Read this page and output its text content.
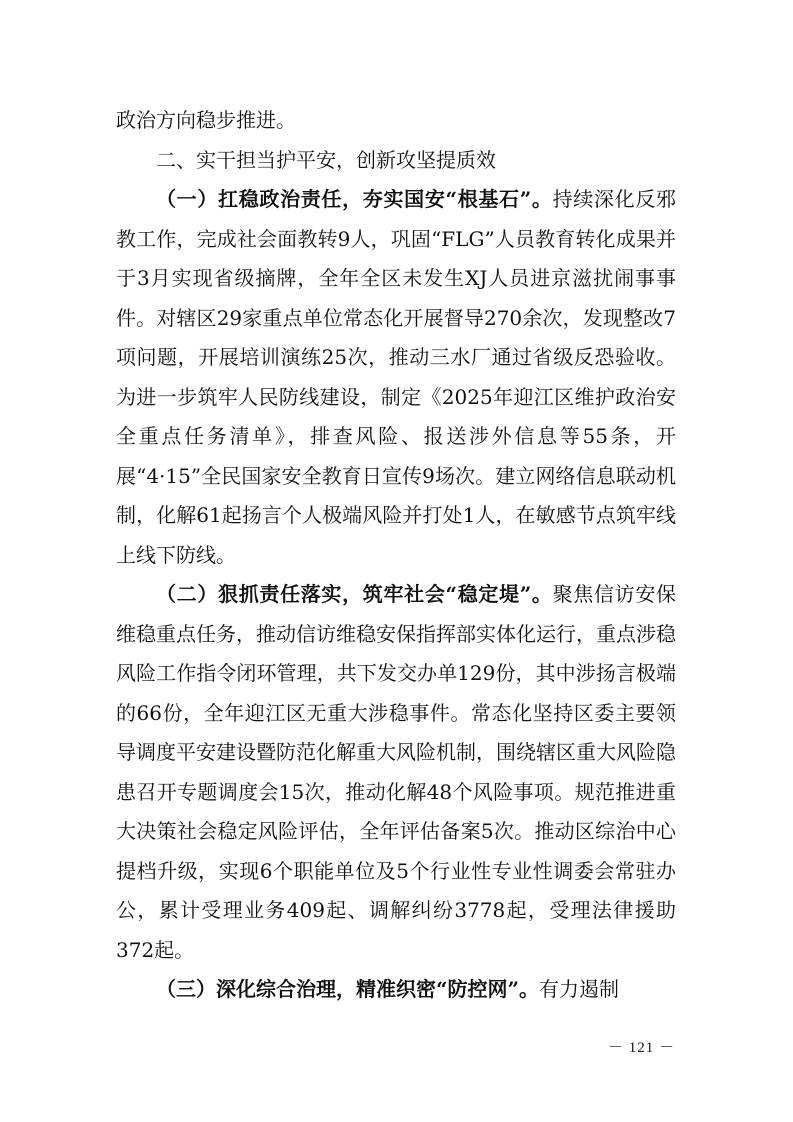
政治方向稳步推进。

二、实干担当护平安，创新攻坚提质效

（一）扛稳政治责任，夯实国安“根基石”。持续深化反邪教工作，完成社会面教转9人，巩固“FLG”人员教育转化成果并于3月实现省级摘牌，全年全区未发生XJ人员进京滋扰闹事事件。对辖区29家重点单位常态化开展督导270余次，发现整改7项问题，开展培训演练25次，推动三水厂通过省级反恐验收。为进一步筑牢人民防线建设，制定《2025年迎江区维护政治安全重点任务清单》，排查风险、报送涉外信息等55条，开展“4·15”全民国家安全教育日宣传9场次。建立网络信息联动机制，化解61起扬言个人极端风险并打处1人，在敏感节点筑牢线上线下防线。

（二）狠抓责任落实，筑牢社会“稳定堤”。聚焦信访安保维稳重点任务，推动信访维稳安保指挥部实体化运行，重点涉稳风险工作指令闭环管理，共下发交办单129份，其中涉扬言极端的66份，全年迎江区无重大涉稳事件。常态化坚持区委主要领导调度平安建设暨防范化解重大风险机制，围绕辖区重大风险隐患召开专题调度会15次，推动化解48个风险事项。规范推进重大决策社会稳定风险评估，全年评估备案5次。推动区综治中心提档升级，实现6个职能单位及5个行业性专业性调委会常驻办公，累计受理业务409起、调解纠纷3778起，受理法律援助372起。

（三）深化综合治理，精准织密“防控网”。有力遏制

－ 121 －
